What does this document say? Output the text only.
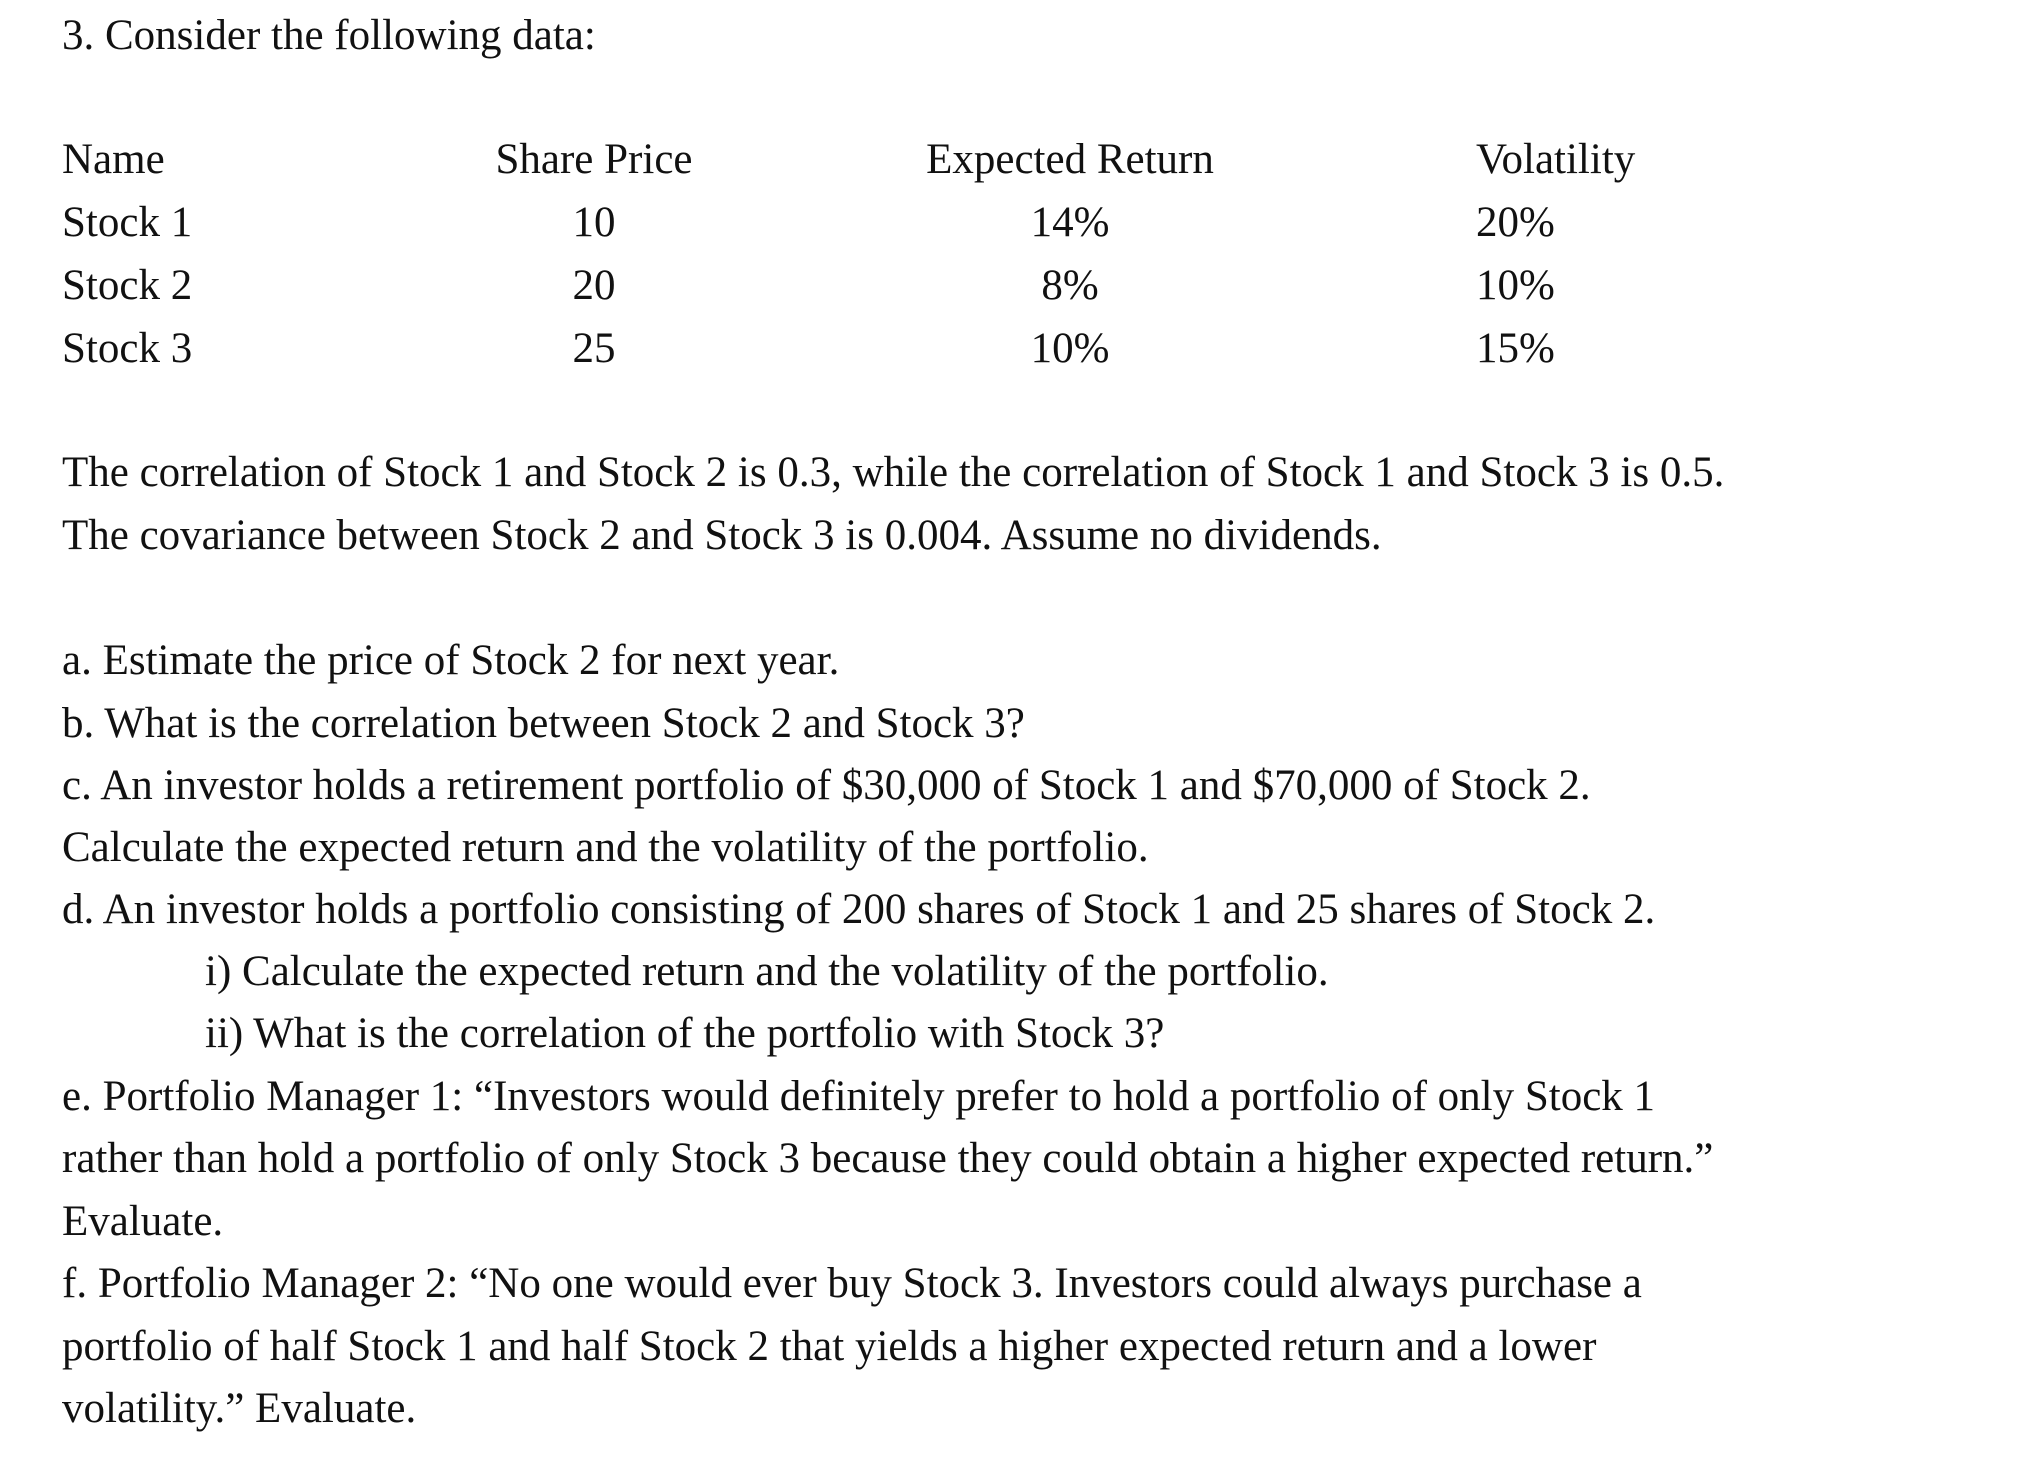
3. Consider the following data:
Name	Share Price	Expected Return	Volatility
Stock 1	10	14%	20%
Stock 2	20	8%	10%
Stock 3	25	10%	15%
The correlation of Stock 1 and Stock 2 is 0.3, while the correlation of Stock 1 and Stock 3 is 0.5.
The covariance between Stock 2 and Stock 3 is 0.004. Assume no dividends.
a. Estimate the price of Stock 2 for next year.
b. What is the correlation between Stock 2 and Stock 3?
c. An investor holds a retirement portfolio of $30,000 of Stock 1 and $70,000 of Stock 2.
Calculate the expected return and the volatility of the portfolio.
d. An investor holds a portfolio consisting of 200 shares of Stock 1 and 25 shares of Stock 2.
i) Calculate the expected return and the volatility of the portfolio.
ii) What is the correlation of the portfolio with Stock 3?
e. Portfolio Manager 1: “Investors would definitely prefer to hold a portfolio of only Stock 1
rather than hold a portfolio of only Stock 3 because they could obtain a higher expected return.”
Evaluate.
f. Portfolio Manager 2: “No one would ever buy Stock 3. Investors could always purchase a
portfolio of half Stock 1 and half Stock 2 that yields a higher expected return and a lower
volatility.” Evaluate.
